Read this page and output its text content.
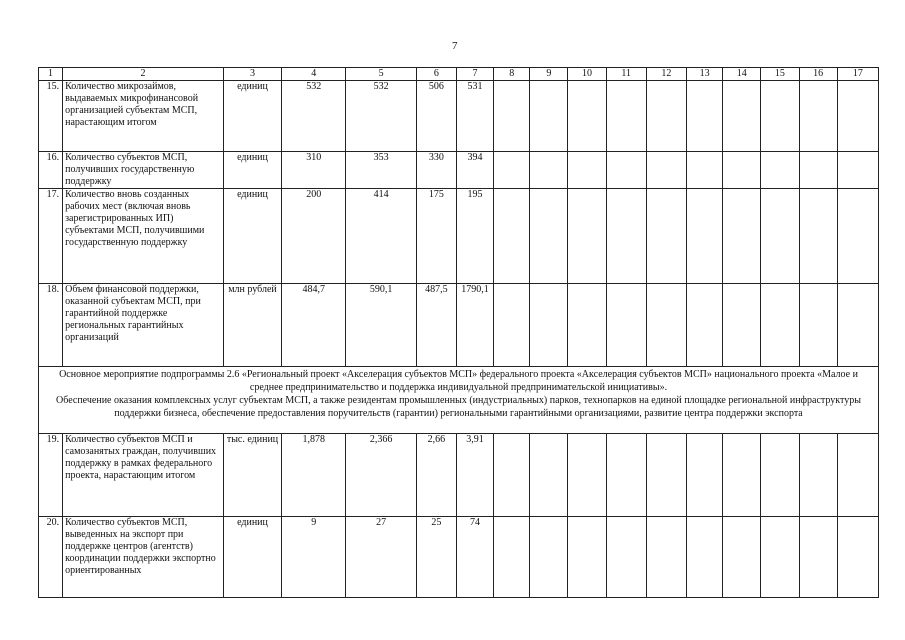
7
1	2	3	4	5	6	7	8	9	10	11	12	13	14	15	16	17
15.	Количество микрозаймов, выдаваемых микрофинансовой организацией субъектам МСП, нарастающим итогом	единиц	532	532	506	531										
16.	Количество субъектов МСП, получивших государственную поддержку	единиц	310	353	330	394										
17.	Количество вновь созданных рабочих мест (включая вновь зарегистрированных ИП) субъектами МСП, получившими государственную поддержку	единиц	200	414	175	195										
18.	Объем финансовой поддержки, оказанной субъектам МСП, при гарантийной поддержке региональных гарантийных организаций	млн рублей	484,7	590,1	487,5	1790,1										

Основное мероприятие подпрограммы 2.6 «Региональный проект «Акселерация субъектов МСП» федерального проекта «Акселерация субъектов МСП» национального проекта «Малое и среднее предпринимательство и поддержка индивидуальной предпринимательской инициативы».
Обеспечение оказания комплексных услуг субъектам МСП, а также резидентам промышленных (индустриальных) парков, технопарков на единой площадке региональной инфраструктуры поддержки бизнеса, обеспечение предоставления поручительств (гарантии) региональными гарантийными организациями, развитие центра поддержки экспорта																

19.	Количество субъектов МСП и самозанятых граждан, получивших поддержку в рамках федерального проекта, нарастающим итогом	тыс. единиц	1,878	2,366	2,66	3,91										
20.	Количество субъектов МСП, выведенных на экспорт при поддержке центров (агентств) координации поддержки экспортно ориентированных	единиц	9	27	25	74										
